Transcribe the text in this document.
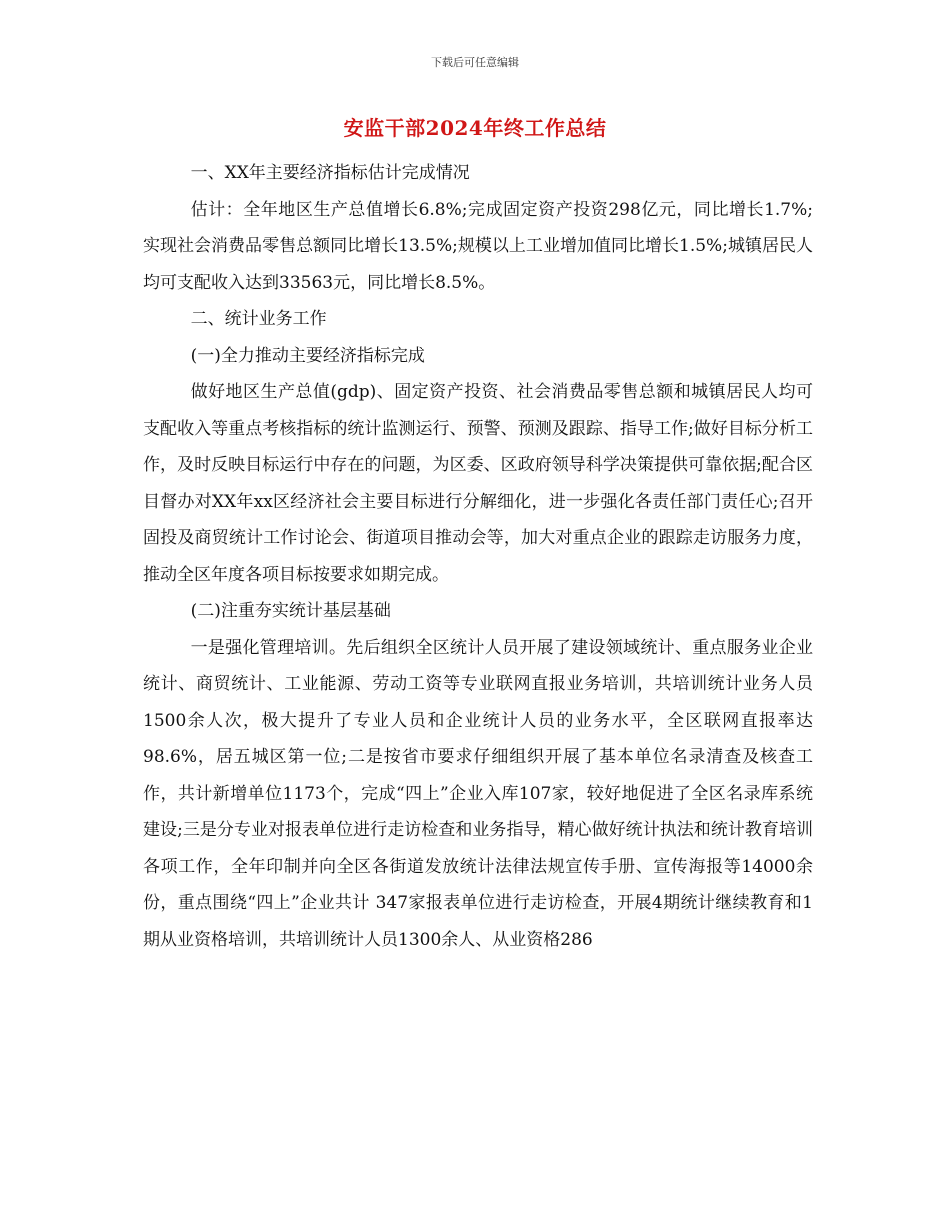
下载后可任意编辑
安监干部2024年终工作总结

一、XX年主要经济指标估计完成情况

估计：全年地区生产总值增长6.8%;完成固定资产投资298亿元，同比增长1.7%;实现社会消费品零售总额同比增长13.5%;规模以上工业增加值同比增长1.5%;城镇居民人均可支配收入达到33563元，同比增长8.5%。

二、统计业务工作

(一)全力推动主要经济指标完成

做好地区生产总值(gdp)、固定资产投资、社会消费品零售总额和城镇居民人均可支配收入等重点考核指标的统计监测运行、预警、预测及跟踪、指导工作;做好目标分析工作，及时反映目标运行中存在的问题，为区委、区政府领导科学决策提供可靠依据;配合区目督办对XX年xx区经济社会主要目标进行分解细化，进一步强化各责任部门责任心;召开固投及商贸统计工作讨论会、街道项目推动会等，加大对重点企业的跟踪走访服务力度，推动全区年度各项目标按要求如期完成。

(二)注重夯实统计基层基础

一是强化管理培训。先后组织全区统计人员开展了建设领域统计、重点服务业企业统计、商贸统计、工业能源、劳动工资等专业联网直报业务培训，共培训统计业务人员1500余人次，极大提升了专业人员和企业统计人员的业务水平，全区联网直报率达98.6%，居五城区第一位;二是按省市要求仔细组织开展了基本单位名录清查及核查工作，共计新增单位1173个，完成“四上”企业入库107家，较好地促进了全区名录库系统建设;三是分专业对报表单位进行走访检查和业务指导，精心做好统计执法和统计教育培训各项工作，全年印制并向全区各街道发放统计法律法规宣传手册、宣传海报等14000余份，重点围绕“四上”企业共计 347家报表单位进行走访检查，开展4期统计继续教育和1期从业资格培训，共培训统计人员1300余人、从业资格286
